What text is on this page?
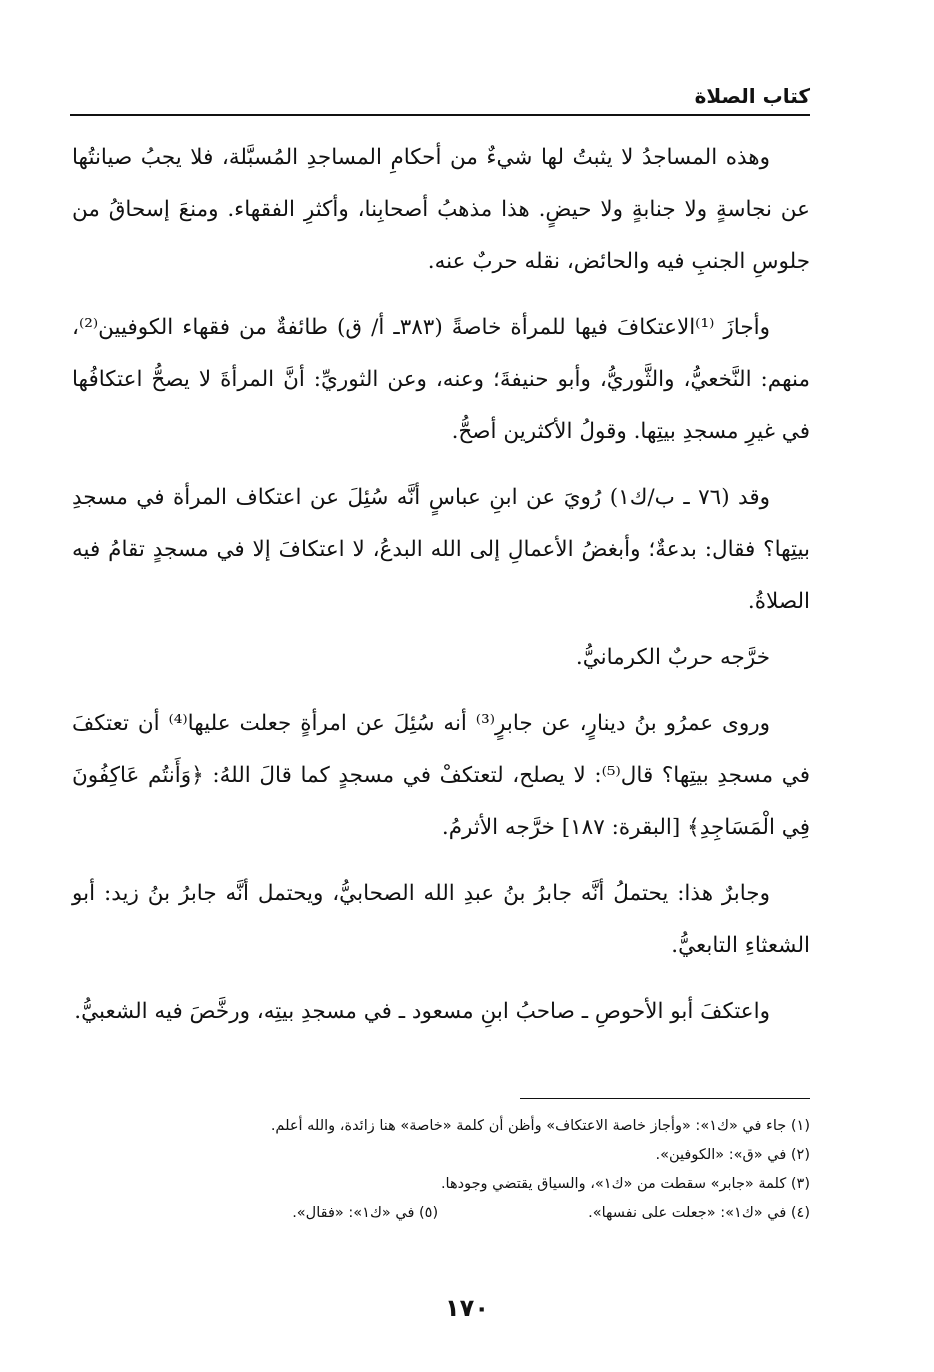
كتاب الصلاة

وهذه المساجدُ لا يثبتُ لها شيءٌ من أحكامِ المساجدِ المُسبَّلة، فلا يجبُ صيانتُها عن نجاسةٍ ولا جنابةٍ ولا حيضٍ. هذا مذهبُ أصحابِنا، وأكثرِ الفقهاء. ومنعَ إسحاقُ من جلوسِ الجنبِ فيه والحائض، نقله حربٌ عنه.

وأجازَ ⁽¹⁾الاعتكافَ فيها للمرأة خاصةً (٣٨٣ـ أ/ ق) طائفةٌ من فقهاء الكوفيين⁽²⁾، منهم: النَّخعيُّ، والثَّوريُّ، وأبو حنيفةَ؛ وعنه، وعن الثوريِّ: أنَّ المرأةَ لا يصحُّ اعتكافُها في غيرِ مسجدِ بيتِها. وقولُ الأكثرين أصحُّ.

وقد (٧٦ ـ ب/ك١) رُويَ عن ابنِ عباسٍ أنَّه سُئِلَ عن اعتكاف المرأة في مسجدِ بيتِها؟ فقال: بدعةٌ؛ وأبغضُ الأعمالِ إلى الله البدعُ، لا اعتكافَ إلا في مسجدٍ تقامُ فيه الصلاةُ.

خرَّجه حربٌ الكرمانيُّ.

وروى عمرُو بنُ دينارٍ، عن جابرٍ⁽³⁾ أنه سُئِلَ عن امرأةٍ جعلت عليها⁽⁴⁾ أن تعتكفَ في مسجدِ بيتِها؟ قال⁽⁵⁾: لا يصلح، لتعتكفْ في مسجدٍ كما قالَ اللهُ: ﴿وَأَنتُم عَاكِفُونَ فِي الْمَسَاجِدِ﴾ [البقرة: ١٨٧] خرَّجه الأثرمُ.

وجابرٌ هذا: يحتملُ أنَّه جابرُ بنُ عبدِ الله الصحابيُّ، ويحتمل أنَّه جابرُ بنُ زيد: أبو الشعثاءِ التابعيُّ.

واعتكفَ أبو الأحوصِ ـ صاحبُ ابنِ مسعود ـ في مسجدِ بيتِه، ورخَّصَ فيه الشعبيُّ.

(١) جاء في «ك١»: «وأجاز خاصة الاعتكاف» وأظن أن كلمة «خاصة» هنا زائدة، والله أعلم.
(٢) في «ق»: «الكوفين».
(٣) كلمة «جابر» سقطت من «ك١»، والسياق يقتضي وجودها.
(٤) في «ك١»: «جعلت على نفسها».
(٥) في «ك١»: «فقال».
١٧٠
